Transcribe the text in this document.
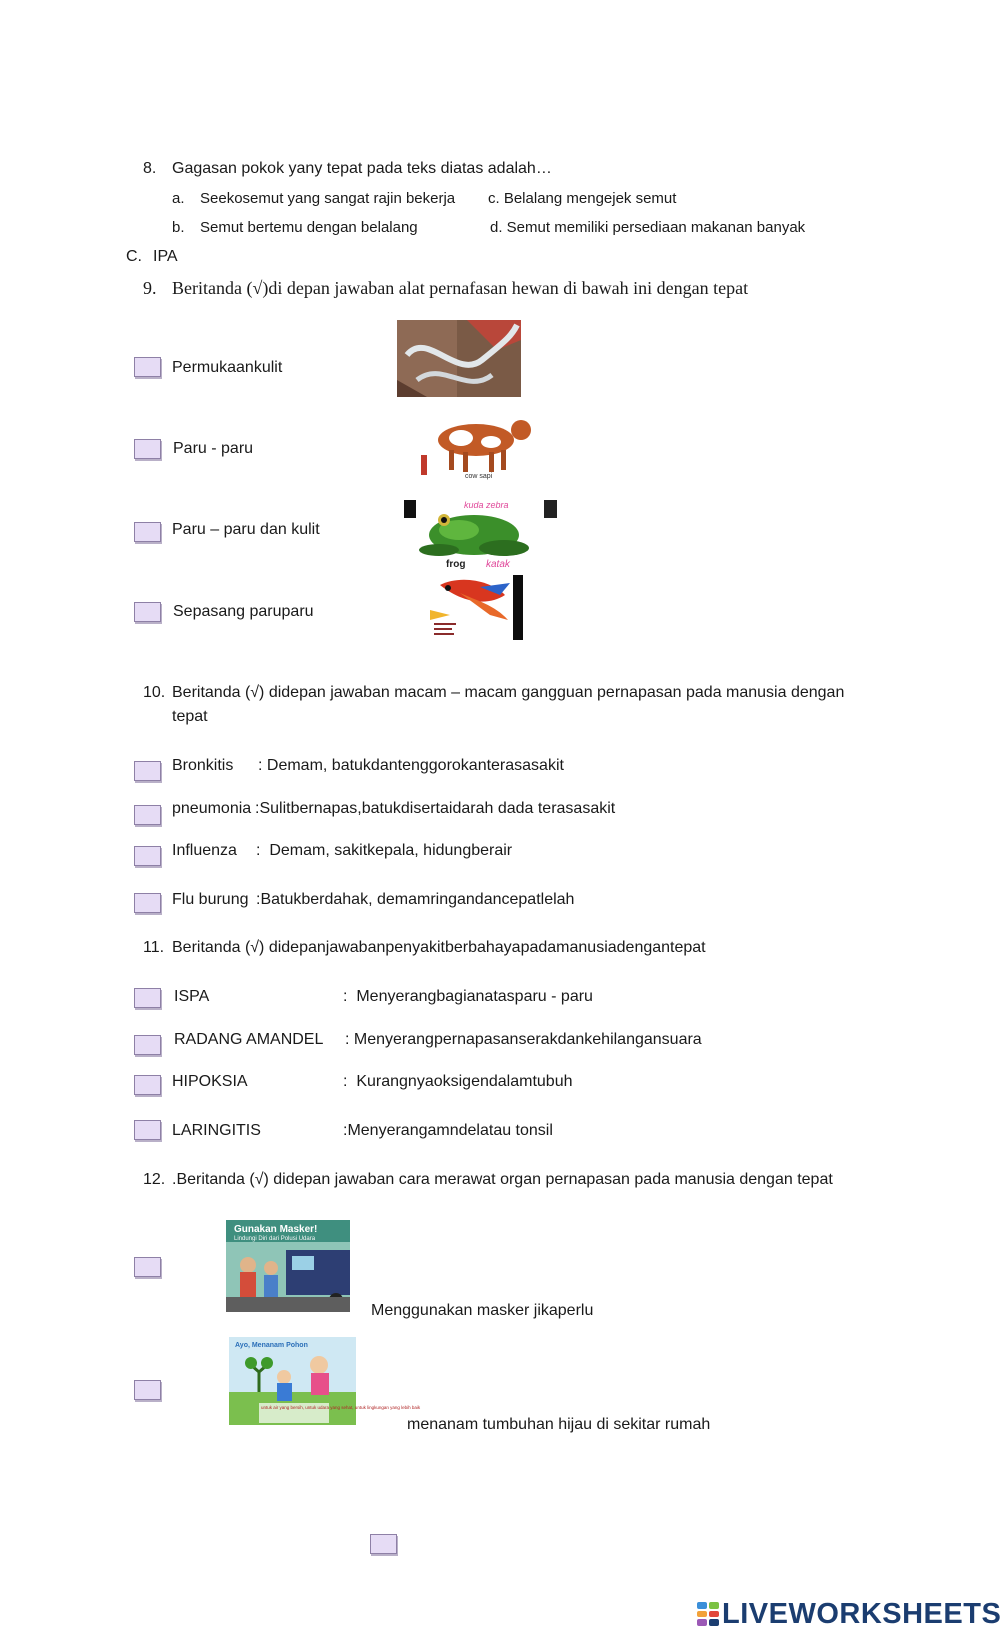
8. Gagasan pokok yany tepat pada teks diatas adalah…
a. Seekosemut yang sangat rajin bekerja c. Belalang mengejek semut
b. Semut bertemu dengan belalang	d. Semut memiliki persediaan makanan banyak
C. IPA
9. Beritanda (√)di depan jawaban alat pernafasan hewan di bawah ini dengan tepat
Permukaankulit
Paru - paru
Paru – paru dan kulit
Sepasang paruparu
cow sapi
kuda zebra
frog katak
10. Beritanda (√) didepan jawaban macam – macam gangguan pernapasan pada manusia dengan
tepat
Bronkitis : Demam, batukdantenggorokanterasasakit
pneumonia :Sulitbernapas,batukdisertaidarah dada terasasakit
Influenza :  Demam, sakitkepala, hidungberair
Flu burung :Batukberdahak, demamringandancepatlelah
11. Beritanda (√) didepanjawabanpenyakitberbahayapadamanusiadengantepat
ISPA	:  Menyerangbagianatasparu - paru
RADANG AMANDEL : Menyerangpernapasanserakdankehilangansuara
HIPOKSIA	:  Kurangnyaoksigendalamtubuh
LARINGITIS	:Menyerangamndelatau tonsil
12. .Beritanda (√) didepan jawaban cara merawat organ pernapasan pada manusia dengan tepat
Gunakan Masker!
Lindungi Diri dari Polusi Udara
Menggunakan masker jikaperlu
Ayo, Menanam Pohon
untuk air yang bersih, untuk udara yang sehat, untuk lingkungan yang lebih baik
menanam tumbuhan hijau di sekitar rumah
LIVEWORKSHEETS
